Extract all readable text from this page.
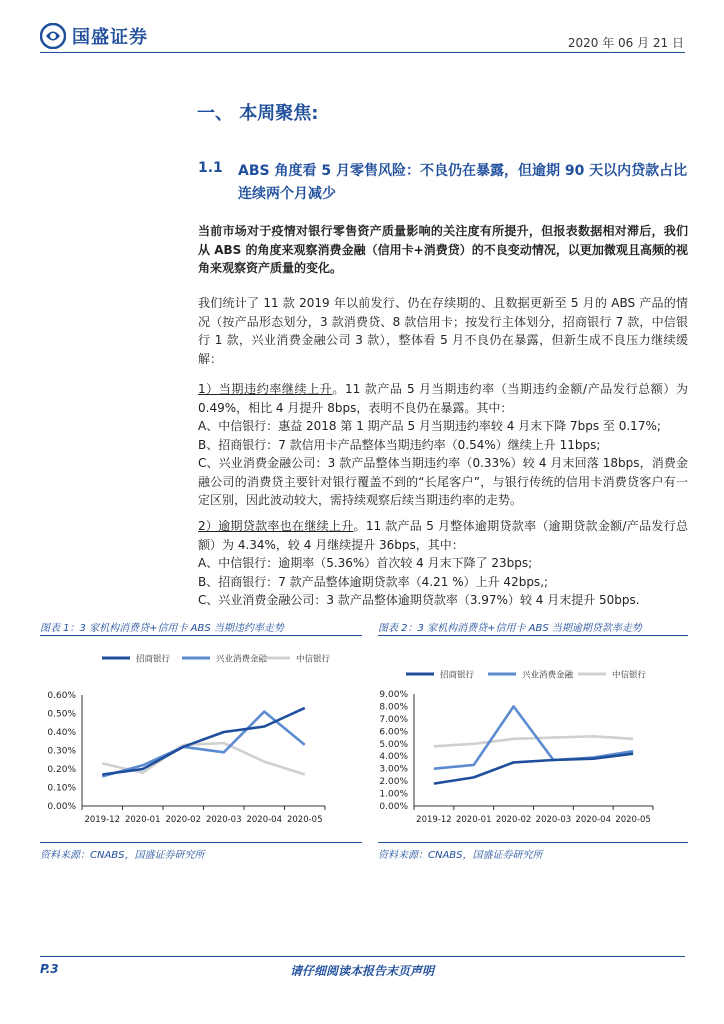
国盛证券	2020 年 06 月 21 日
一、 本周聚焦:
1.1 ABS 角度看 5 月零售风险：不良仍在暴露，但逾期 90 天以内贷款占比连续两个月减少
当前市场对于疫情对银行零售资产质量影响的关注度有所提升，但报表数据相对滞后，我们从 ABS 的角度来观察消费金融（信用卡+消费贷）的不良变动情况，以更加微观且高频的视角来观察资产质量的变化。
我们统计了 11 款 2019 年以前发行、仍在存续期的、且数据更新至 5 月的 ABS 产品的情况（按产品形态划分，3 款消费贷、8 款信用卡；按发行主体划分，招商银行 7 款，中信银行 1 款，兴业消费金融公司 3 款），整体看 5 月不良仍在暴露，但新生成不良压力继续缓解：

1）当期违约率继续上升。11 款产品 5 月当期违约率（当期违约金额/产品发行总额）为 0.49%，相比 4 月提升 8bps，表明不良仍在暴露。其中：

A、中信银行：惠益 2018 第 1 期产品 5 月当期违约率较 4 月末下降 7bps 至 0.17%;

B、招商银行：7 款信用卡产品整体当期违约率（0.54%）继续上升 11bps;

C、兴业消费金融公司：3 款产品整体当期违约率（0.33%）较 4 月末回落 18bps，消费金融公司的消费贷主要针对银行覆盖不到的“长尾客户”，与银行传统的信用卡消费贷客户有一定区别，因此波动较大，需持续观察后续当期违约率的走势。

2）逾期贷款率也在继续上升。11 款产品 5 月整体逾期贷款率（逾期贷款金额/产品发行总额）为 4.34%，较 4 月继续提升 36bps，其中：

A、中信银行：逾期率（5.36%）首次较 4 月末下降了 23bps;

B、招商银行：7 款产品整体逾期贷款率（4.21 %）上升 42bps,;

C、兴业消费金融公司：3 款产品整体逾期贷款率（3.97%）较 4 月末提升 50bps.

图表 1：3 家机构消费贷+信用卡 ABS 当期违约率走势
招商银行	兴业消费金融	中信银行
0.00%
0.10%
0.20%
0.30%
0.40%
0.50%
0.60%
2019-12 2020-01 2020-02 2020-03 2020-04 2020-05
资料来源：CNABS，国盛证券研究所
图表 2：3 家机构消费贷+信用卡 ABS 当期逾期贷款率走势
招商银行	兴业消费金融	中信银行
0.00%
1.00%
2.00%
3.00%
4.00%
5.00%
6.00%
7.00%
8.00%
9.00%
2019-12 2020-01 2020-02 2020-03 2020-04 2020-05
资料来源：CNABS，国盛证券研究所
P.3	请仔细阅读本报告末页声明
